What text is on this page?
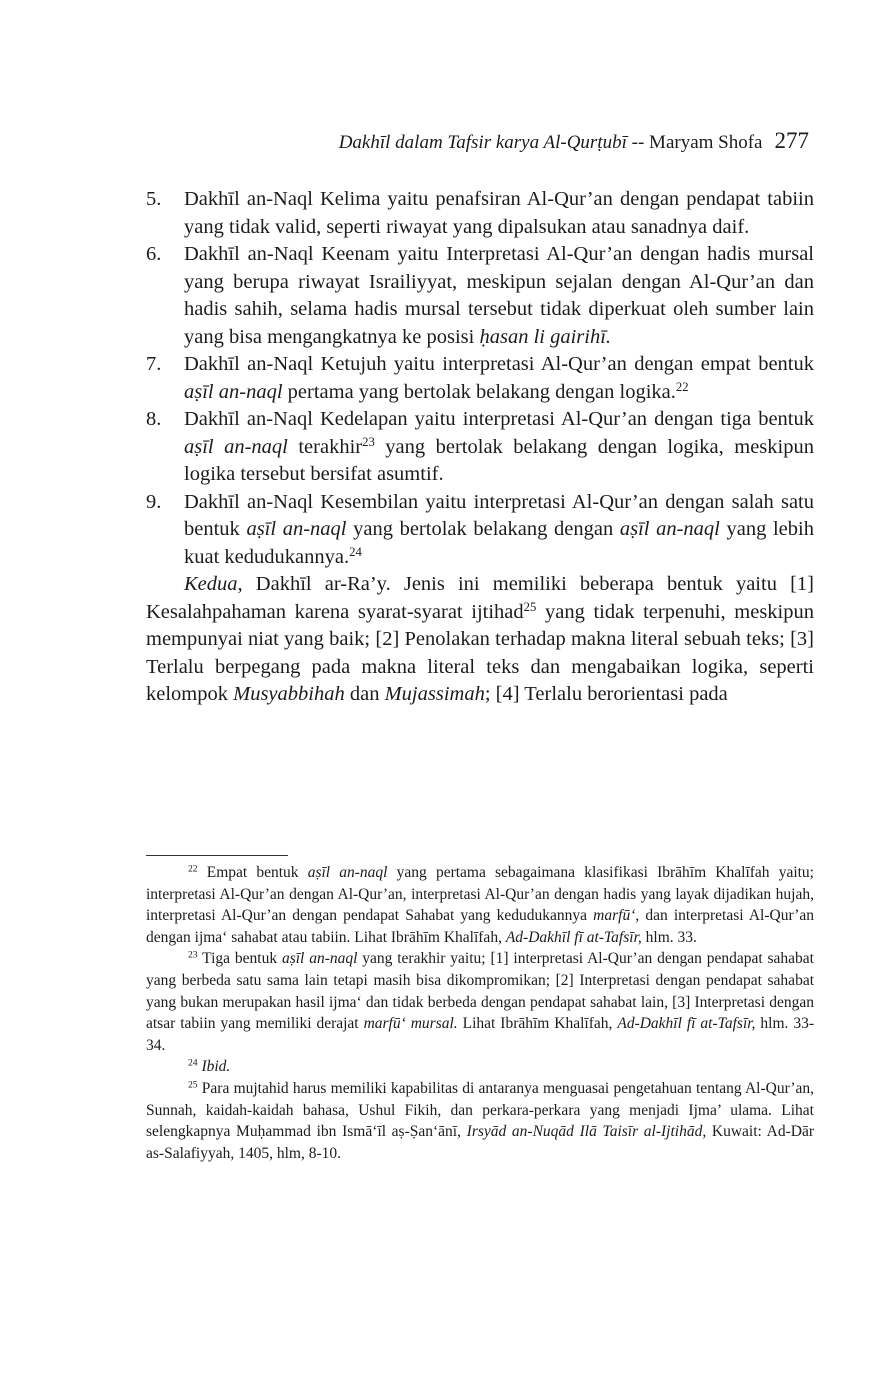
Dakhīl dalam Tafsir karya Al-Qurṭubī -- Maryam Shofa 277
5. Dakhīl an-Naql Kelima yaitu penafsiran Al-Qur’an dengan pendapat tabiin yang tidak valid, seperti riwayat yang dipalsukan atau sanadnya daif.
6. Dakhīl an-Naql Keenam yaitu Interpretasi Al-Qur’an dengan hadis mursal yang berupa riwayat Israiliyyat, meskipun sejalan dengan Al-Qur’an dan hadis sahih, selama hadis mursal tersebut tidak diperkuat oleh sumber lain yang bisa mengangkatnya ke posisi ḥasan li gairihī.
7. Dakhīl an-Naql Ketujuh yaitu interpretasi Al-Qur’an dengan empat bentuk aṣīl an-naql pertama yang bertolak belakang dengan logika.$^{22}$
8. Dakhīl an-Naql Kedelapan yaitu interpretasi Al-Qur’an dengan tiga bentuk aṣīl an-naql terakhir$^{23}$ yang bertolak belakang dengan logika, meskipun logika tersebut bersifat asumtif.
9. Dakhīl an-Naql Kesembilan yaitu interpretasi Al-Qur’an dengan salah satu bentuk aṣīl an-naql yang bertolak belakang dengan aṣīl an-naql yang lebih kuat kedudukannya.$^{24}$

Kedua, Dakhīl ar-Ra’y. Jenis ini memiliki beberapa bentuk yaitu [1] Kesalahpahaman karena syarat-syarat ijtihad$^{25}$ yang tidak terpenuhi, meskipun mempunyai niat yang baik; [2] Penolakan terhadap makna literal sebuah teks; [3] Terlalu berpegang pada makna literal teks dan mengabaikan logika, seperti kelompok Musyabbihah dan Mujassimah; [4] Terlalu berorientasi pada

$^{22}$ Empat bentuk aṣīl an-naql yang pertama sebagaimana klasifikasi Ibrāhīm Khalīfah yaitu; interpretasi Al-Qur’an dengan Al-Qur’an, interpretasi Al-Qur’an dengan hadis yang layak dijadikan hujah, interpretasi Al-Qur’an dengan pendapat Sahabat yang kedudukannya marfū‘, dan interpretasi Al-Qur’an dengan ijma‘ sahabat atau tabiin. Lihat Ibrāhīm Khalīfah, Ad-Dakhīl fī at-Tafsīr, hlm. 33.

$^{23}$ Tiga bentuk aṣīl an-naql yang terakhir yaitu; [1] interpretasi Al-Qur’an dengan pendapat sahabat yang berbeda satu sama lain tetapi masih bisa dikompromikan; [2] Interpretasi dengan pendapat sahabat yang bukan merupakan hasil ijma‘ dan tidak berbeda dengan pendapat sahabat lain, [3] Interpretasi dengan atsar tabiin yang memiliki derajat marfū‘ mursal. Lihat Ibrāhīm Khalīfah, Ad-Dakhīl fī at-Tafsīr, hlm. 33-34.

$^{24}$ Ibid.

$^{25}$ Para mujtahid harus memiliki kapabilitas di antaranya menguasai pengetahuan tentang Al-Qur’an, Sunnah, kaidah-kaidah bahasa, Ushul Fikih, dan perkara-perkara yang menjadi Ijma’ ulama. Lihat selengkapnya Muḥammad ibn Ismā‘īl aṣ-Ṣan‘ānī, Irsyād an-Nuqād Ilā Taisīr al-Ijtihād, Kuwait: Ad-Dār as-Salafiyyah, 1405, hlm, 8-10.
